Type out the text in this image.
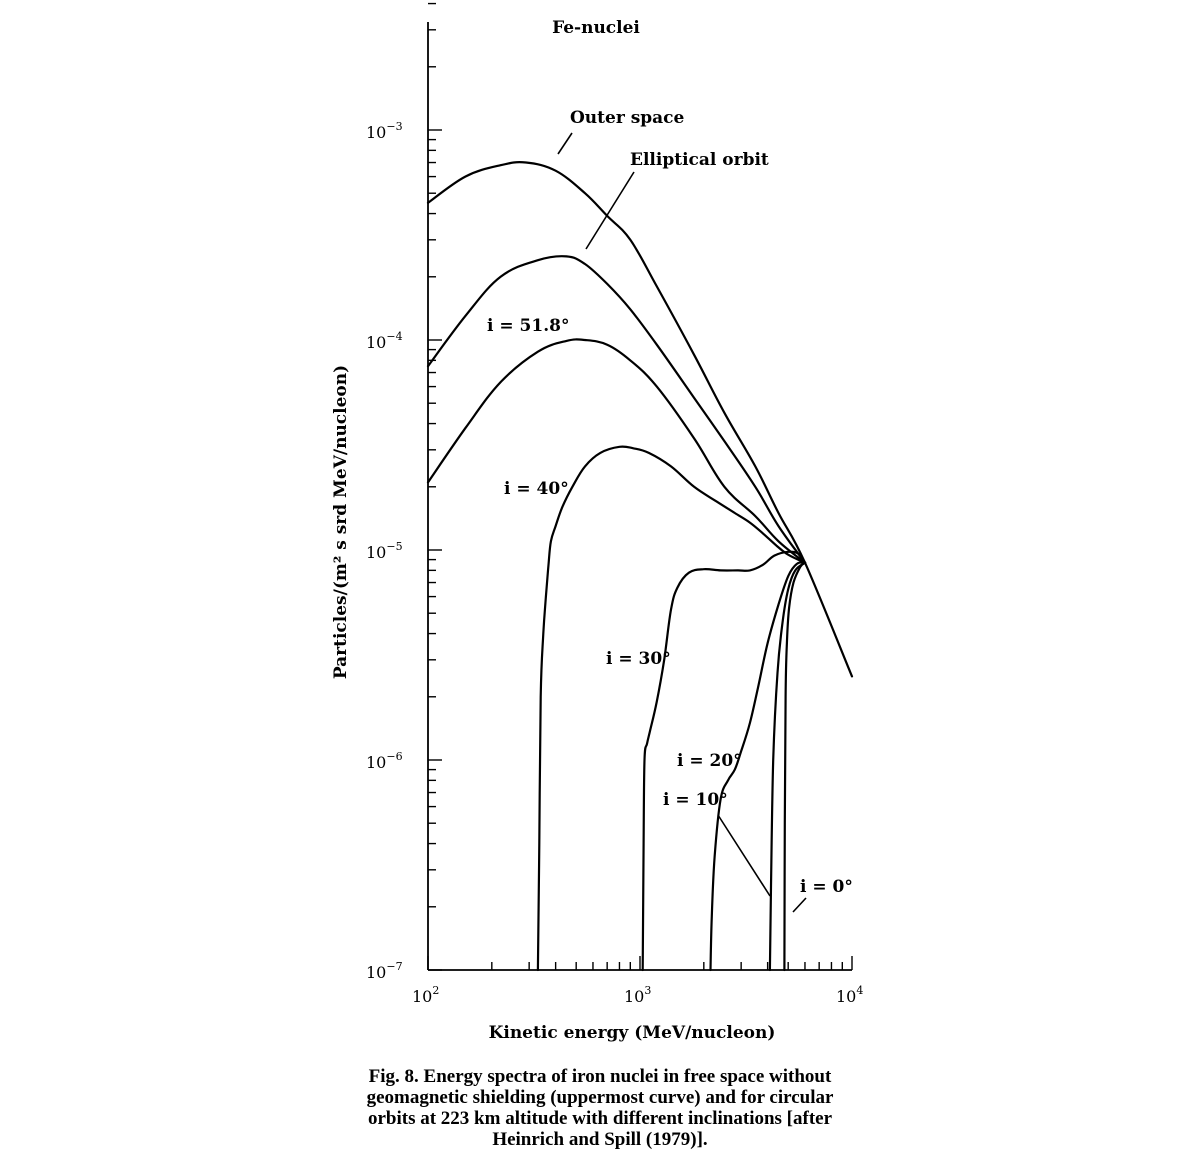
$10^{-7}$
$10^{-6}$
$10^{-5}$
$10^{-4}$
$10^{-3}$
$10^2$	$10^3$	$10^4$
Fe-nuclei
Kinetic energy (MeV/nucleon)
Particles/(m² s srd MeV/nucleon)
Outer space
Elliptical orbit
i = 51.8°
i = 40°
i = 30°
i = 20°
i = 10°
i = 0°
Fig. 8. Energy spectra of iron nuclei in free space without
geomagnetic shielding (uppermost curve) and for circular
orbits at 223 km altitude with different inclinations [after
Heinrich and Spill (1979)].
